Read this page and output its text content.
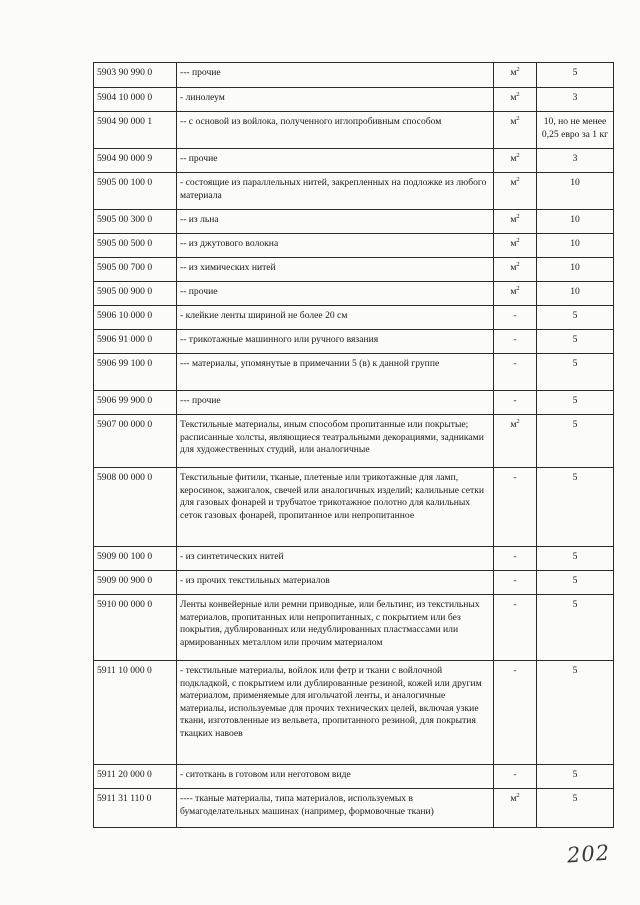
5903 90 990 0	--- прочие	$м^2$	5

5904 10 000 0	- линолеум	$м^2$	3

5904 90 000 1	-- с основой из войлока, полученного иглопробивным способом	$м^2$	10, но не менее 0,25 евро за 1 кг

5904 90 000 9	-- прочие	$м^2$	3

5905 00 100 0	- состоящие из параллельных нитей, закрепленных на подложке из любого материала	$м^2$	10

5905 00 300 0	-- из льна	$м^2$	10

5905 00 500 0	-- из джутового волокна	$м^2$	10

5905 00 700 0	-- из химических нитей	$м^2$	10

5905 00 900 0	-- прочие	$м^2$	10

5906 10 000 0	- клейкие ленты шириной не более 20 см	-	5

5906 91 000 0	-- трикотажные машинного или ручного вязания	-	5

5906 99 100 0	--- материалы, упомянутые в примечании 5 (в) к данной группе	-	5

5906 99 900 0	--- прочие	-	5

5907 00 000 0	Текстильные материалы, иным способом пропитанные или покрытые; расписанные холсты, являющиеся театральными декорациями, задниками для художественных студий, или аналогичные	$м^2$	5

5908 00 000 0	Текстильные фитили, тканые, плетеные или трикотажные для ламп, керосинок, зажигалок, свечей или аналогичных изделий; калильные сетки для газовых фонарей и трубчатое трикотажное полотно для калильных сеток газовых фонарей, пропитанное или непропитанное	-	5

5909 00 100 0	- из синтетических нитей	-	5

5909 00 900 0	- из прочих текстильных материалов	-	5

5910 00 000 0	Ленты конвейерные или ремни приводные, или бельтинг, из текстильных материалов, пропитанных или непропитанных, с покрытием или без покрытия, дублированных или недублированных пластмассами или армированных металлом или прочим материалом	-	5

5911 10 000 0	- текстильные материалы, войлок или фетр и ткани с войлочной подкладкой, с покрытием или дублированные резиной, кожей или другим материалом, применяемые для игольчатой ленты, и аналогичные материалы, используемые для прочих технических целей, включая узкие ткани, изготовленные из вельвета, пропитанного резиной, для покрытия ткацких навоев	-	5

5911 20 000 0	- ситоткань в готовом или неготовом виде	-	5

5911 31 110 0	---- тканые материалы, типа материалов, используемых в бумагоделательных машинах (например, формовочные ткани)	$м^2$	5
202
